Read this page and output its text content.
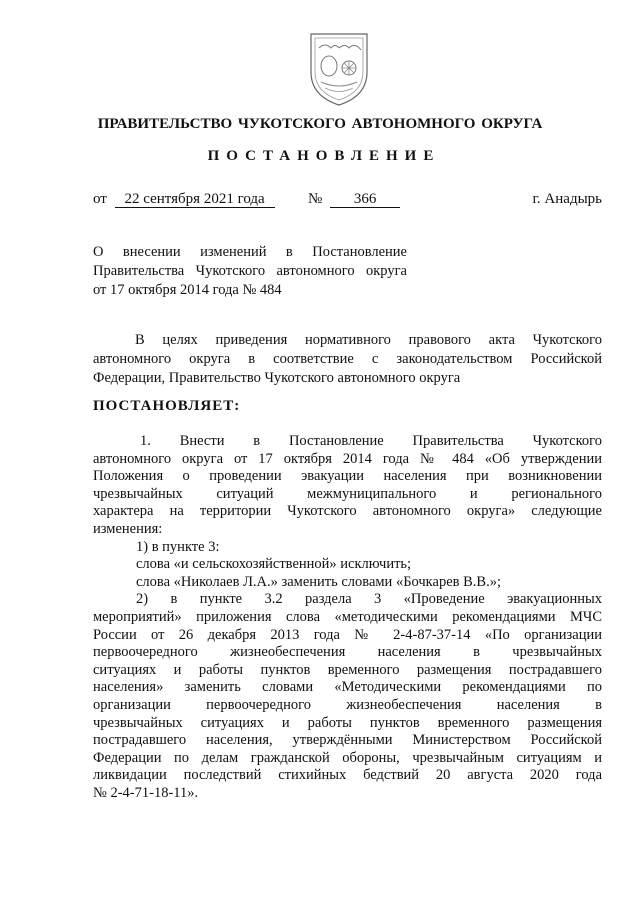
ПРАВИТЕЛЬСТВО ЧУКОТСКОГО АВТОНОМНОГО ОКРУГА
ПОСТАНОВЛЕНИЕ
от 22 сентября 2021 года	№ 366	г. Анадырь
О внесении изменений в Постановление
Правительства Чукотского автономного округа
от 17 октября 2014 года № 484
В целях приведения нормативного правового акта Чукотского
автономного округа в соответствие с законодательством Российской
Федерации, Правительство Чукотского автономного округа
ПОСТАНОВЛЯЕТ:
1. Внести в Постановление Правительства Чукотского
автономного округа от 17 октября 2014 года № 484 «Об утверждении
Положения о проведении эвакуации населения при возникновении
чрезвычайных ситуаций межмуниципального и регионального
характера на территории Чукотского автономного округа» следующие
изменения:
1) в пункте 3:
слова «и сельскохозяйственной» исключить;
слова «Николаев Л.А.» заменить словами «Бочкарев В.В.»;
2) в пункте 3.2 раздела 3 «Проведение эвакуационных
мероприятий» приложения слова «методическими рекомендациями МЧС
России от 26 декабря 2013 года № 2-4-87-37-14 «По организации
первоочередного жизнеобеспечения населения в чрезвычайных
ситуациях и работы пунктов временного размещения пострадавшего
населения» заменить словами «Методическими рекомендациями по
организации первоочередного жизнеобеспечения населения в
чрезвычайных ситуациях и работы пунктов временного размещения
пострадавшего населения, утверждёнными Министерством Российской
Федерации по делам гражданской обороны, чрезвычайным ситуациям и
ликвидации последствий стихийных бедствий 20 августа 2020 года
№ 2-4-71-18-11».
